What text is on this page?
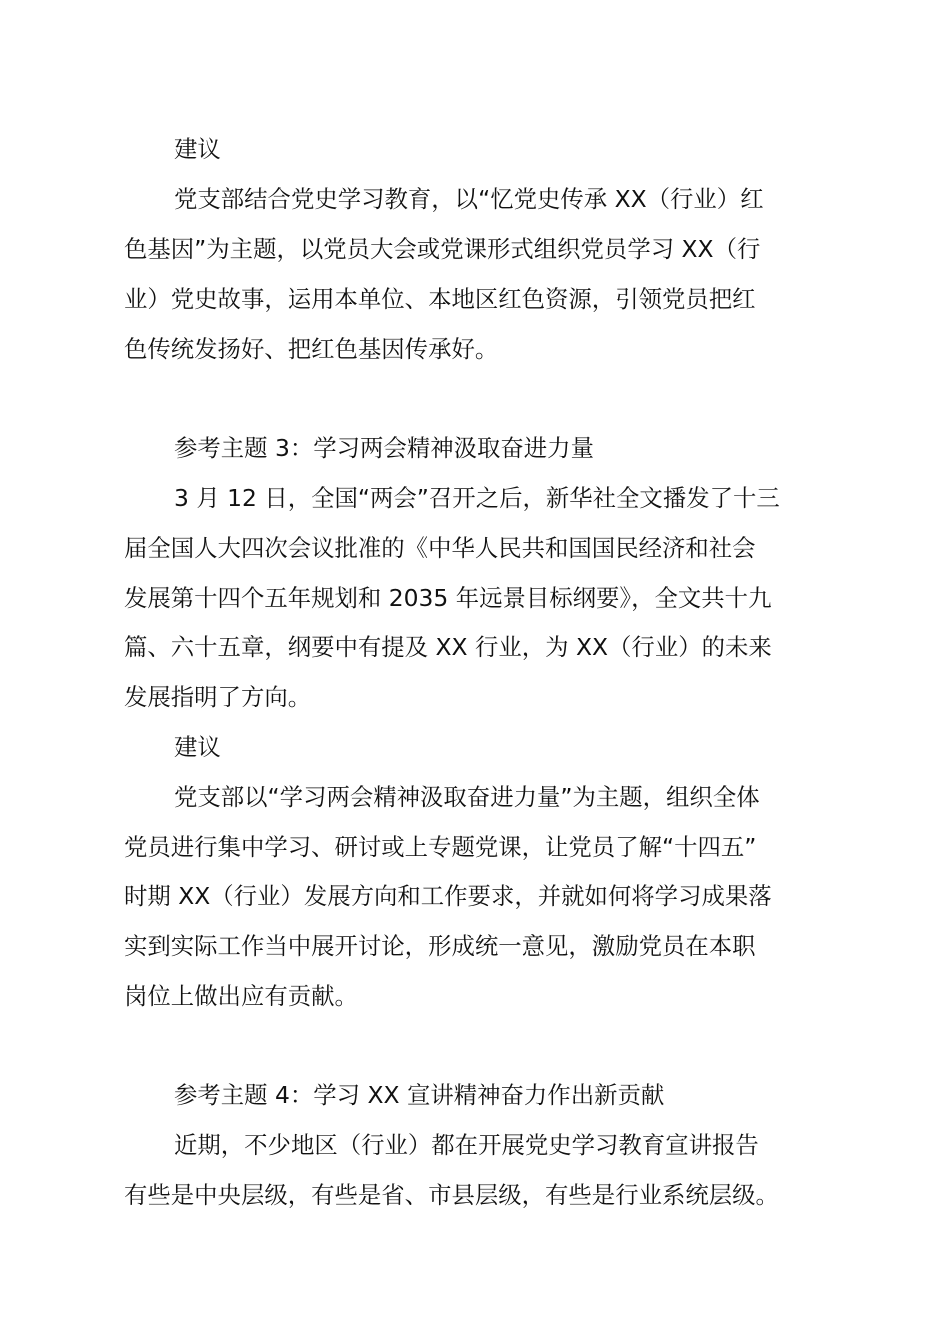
建议
党支部结合党史学习教育，以“忆党史传承 XX（行业）红
色基因”为主题，以党员大会或党课形式组织党员学习 XX（行
业）党史故事，运用本单位、本地区红色资源，引领党员把红
色传统发扬好、把红色基因传承好。
参考主题 3：学习两会精神汲取奋进力量
3 月 12 日，全国“两会”召开之后，新华社全文播发了十三
届全国人大四次会议批准的《中华人民共和国国民经济和社会
发展第十四个五年规划和 2035 年远景目标纲要》，全文共十九
篇、六十五章，纲要中有提及 XX 行业，为 XX（行业）的未来
发展指明了方向。
建议
党支部以“学习两会精神汲取奋进力量”为主题，组织全体
党员进行集中学习、研讨或上专题党课，让党员了解“十四五”
时期 XX（行业）发展方向和工作要求，并就如何将学习成果落
实到实际工作当中展开讨论，形成统一意见，激励党员在本职
岗位上做出应有贡献。
参考主题 4：学习 XX 宣讲精神奋力作出新贡献
近期，不少地区（行业）都在开展党史学习教育宣讲报告
有些是中央层级，有些是省、市县层级，有些是行业系统层级。
